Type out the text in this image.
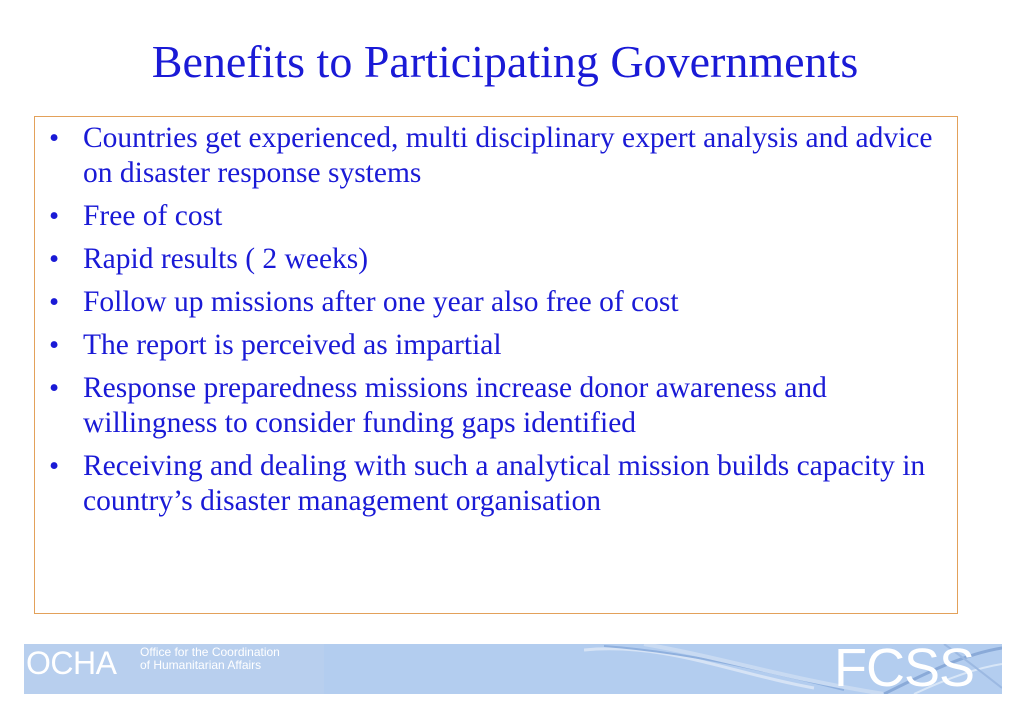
Benefits to Participating Governments
• Countries get experienced, multi disciplinary expert analysis and advice on disaster response systems
• Free of cost
• Rapid results ( 2 weeks)
• Follow up missions after one year also free of cost
• The report is perceived as impartial
• Response preparedness missions increase donor awareness and willingness to consider funding gaps identified
• Receiving and dealing with such a analytical mission builds capacity in country’s disaster management organisation
OCHA Office for the Coordination
of Humanitarian Affairs	FCSS
